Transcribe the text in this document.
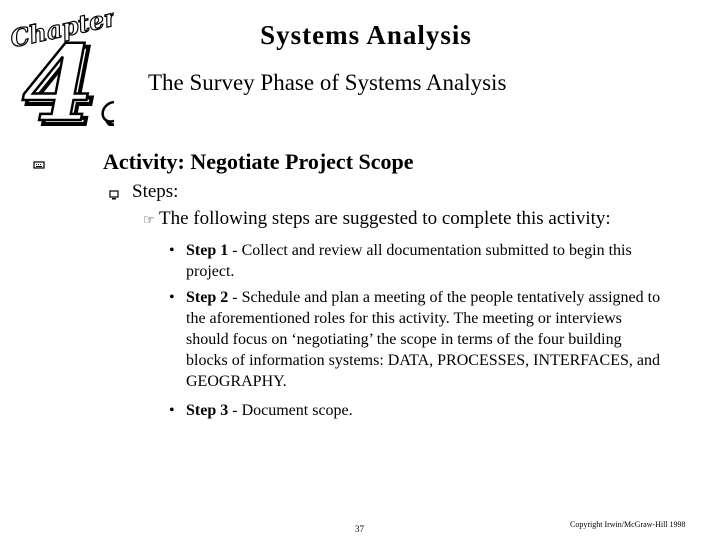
4
4
Chapter	Systems Analysis
The Survey Phase of Systems Analysis
Activity: Negotiate Project Scope
Steps:
☞ The following steps are suggested to complete this activity:
• Step 1 - Collect and review all documentation submitted to begin this project.
• Step 2 - Schedule and plan a meeting of the people tentatively assigned to the aforementioned roles for this activity. The meeting or interviews should focus on ‘negotiating’ the scope in terms of the four building blocks of information systems: DATA, PROCESSES, INTERFACES, and GEOGRAPHY.
• Step 3 - Document scope.
37	Copyright Irwin/McGraw-Hill 1998
